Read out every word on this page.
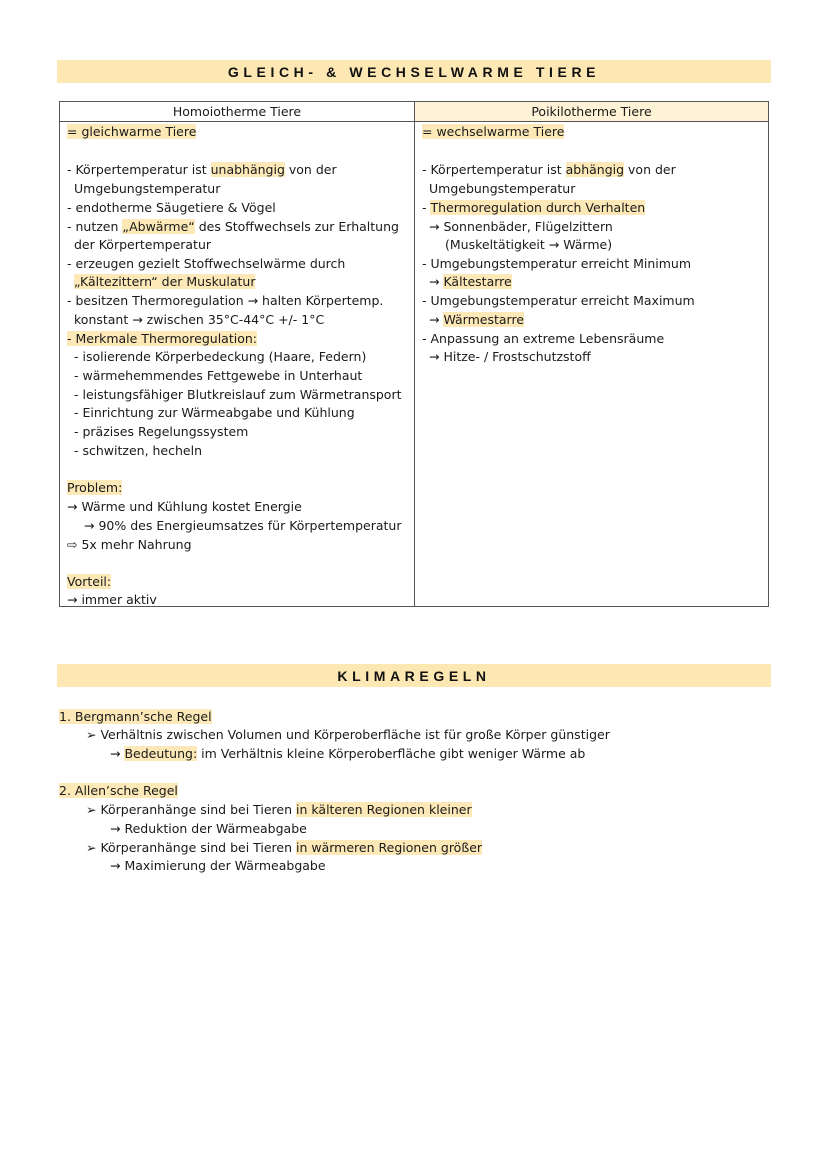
GLEICH- & WECHSELWARME TIERE
Homoiotherme Tiere	Poikilotherme Tiere
= gleichwarme Tiere
- Körpertemperatur ist unabhängig von der
Umgebungstemperatur
- endotherme Säugetiere & Vögel
- nutzen „Abwärme“ des Stoffwechsels zur Erhaltung
der Körpertemperatur
- erzeugen gezielt Stoffwechselwärme durch
„Kältezittern“ der Muskulatur
- besitzen Thermoregulation → halten Körpertemp.
konstant → zwischen 35°C-44°C +/- 1°C
- Merkmale Thermoregulation:
- isolierende Körperbedeckung (Haare, Federn)
- wärmehemmendes Fettgewebe in Unterhaut
- leistungsfähiger Blutkreislauf zum Wärmetransport
- Einrichtung zur Wärmeabgabe und Kühlung
- präzises Regelungssystem
- schwitzen, hecheln
Problem:
→ Wärme und Kühlung kostet Energie
→ 90% des Energieumsatzes für Körpertemperatur
⇨ 5x mehr Nahrung
Vorteil:
→ immer aktiv
= wechselwarme Tiere
- Körpertemperatur ist abhängig von der
Umgebungstemperatur
- Thermoregulation durch Verhalten
→ Sonnenbäder, Flügelzittern
(Muskeltätigkeit → Wärme)
- Umgebungstemperatur erreicht Minimum
→ Kältestarre
- Umgebungstemperatur erreicht Maximum
→ Wärmestarre
- Anpassung an extreme Lebensräume
→ Hitze- / Frostschutzstoff
KLIMAREGELN
1. Bergmann’sche Regel
➢ Verhältnis zwischen Volumen und Körperoberfläche ist für große Körper günstiger
→ Bedeutung: im Verhältnis kleine Körperoberfläche gibt weniger Wärme ab
2. Allen’sche Regel
➢ Körperanhänge sind bei Tieren in kälteren Regionen kleiner
→ Reduktion der Wärmeabgabe
➢ Körperanhänge sind bei Tieren in wärmeren Regionen größer
→ Maximierung der Wärmeabgabe
